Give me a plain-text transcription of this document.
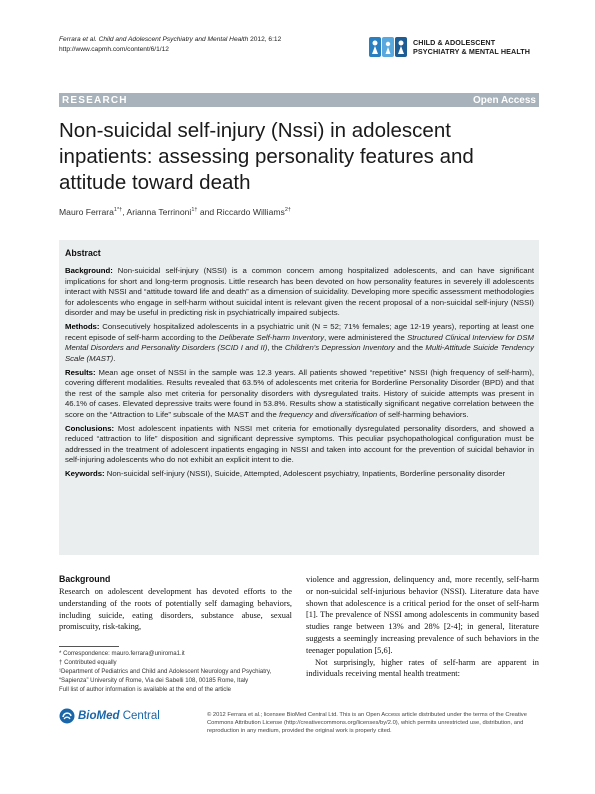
Ferrara et al. Child and Adolescent Psychiatry and Mental Health 2012, 6:12
http://www.capmh.com/content/6/1/12
CHILD & ADOLESCENT
PSYCHIATRY & MENTAL HEALTH
RESEARCH	Open Access
Non-suicidal self-injury (Nssi) in adolescent inpatients: assessing personality features and attitude toward death
Mauro Ferrara$^{1*\dagger}$, Arianna Terrinoni$^{1\dagger}$ and Riccardo Williams$^{2\dagger}$
Abstract

Background: Non-suicidal self-injury (NSSI) is a common concern among hospitalized adolescents, and can have significant implications for short and long-term prognosis. Little research has been devoted on how personality features in severely ill adolescents interact with NSSI and “attitude toward life and death” as a dimension of suicidality. Developing more specific assessment methodologies for adolescents who engage in self-harm without suicidal intent is relevant given the recent proposal of a non-suicidal self-injury (NSSI) disorder and may be useful in predicting risk in psychiatrically impaired subjects.

Methods: Consecutively hospitalized adolescents in a psychiatric unit (N = 52; 71% females; age 12-19 years), reporting at least one recent episode of self-harm according to the Deliberate Self-harm Inventory, were administered the Structured Clinical Interview for DSM Mental Disorders and Personality Disorders (SCID I and II), the Children's Depression Inventory and the Multi-Attitude Suicide Tendency Scale (MAST).

Results: Mean age onset of NSSI in the sample was 12.3 years. All patients showed “repetitive” NSSI (high frequency of self-harm), covering different modalities. Results revealed that 63.5% of adolescents met criteria for Borderline Personality Disorder (BPD) and that the rest of the sample also met criteria for personality disorders with dysregulated traits. History of suicide attempts was present in 46.1% of cases. Elevated depressive traits were found in 53.8%. Results show a statistically significant negative correlation between the score on the “Attraction to Life” subscale of the MAST and the frequency and diversification of self-harming behaviors.

Conclusions: Most adolescent inpatients with NSSI met criteria for emotionally dysregulated personality disorders, and showed a reduced “attraction to life” disposition and significant depressive symptoms. This peculiar psychopathological configuration must be addressed in the treatment of adolescent inpatients engaging in NSSI and taken into account for the prevention of suicidal behavior in self-injuring adolescents who do not exhibit an explicit intent to die.

Keywords: Non-suicidal self-injury (NSSI), Suicide, Attempted, Adolescent psychiatry, Inpatients, Borderline personality disorder

Background

Research on adolescent development has devoted efforts to the understanding of the roots of potentially self damaging behaviors, including suicide, eating disorders, substance abuse, sexual promiscuity, risk-taking,

violence and aggression, delinquency and, more recently, self-harm or non-suicidal self-injurious behavior (NSSI). Literature data have shown that adolescence is a critical period for the onset of self-harm [1]. The prevalence of NSSI among adolescents in community based studies range between 13% and 28% [2-4]; in general, literature suggests a seemingly increasing prevalence of such behaviors in the teenager population [5,6].

Not surprisingly, higher rates of self-harm are apparent in individuals receiving mental health treatment:

* Correspondence: mauro.ferrara@uniroma1.it
† Contributed equally
¹Department of Pediatrics and Child and Adolescent Neurology and Psychiatry, “Sapienza” University of Rome, Via dei Sabelli 108, 00185 Rome, Italy
Full list of author information is available at the end of the article
BioMed Central	© 2012 Ferrara et al.; licensee BioMed Central Ltd. This is an Open Access article distributed under the terms of the Creative Commons Attribution License (http://creativecommons.org/licenses/by/2.0), which permits unrestricted use, distribution, and reproduction in any medium, provided the original work is properly cited.
